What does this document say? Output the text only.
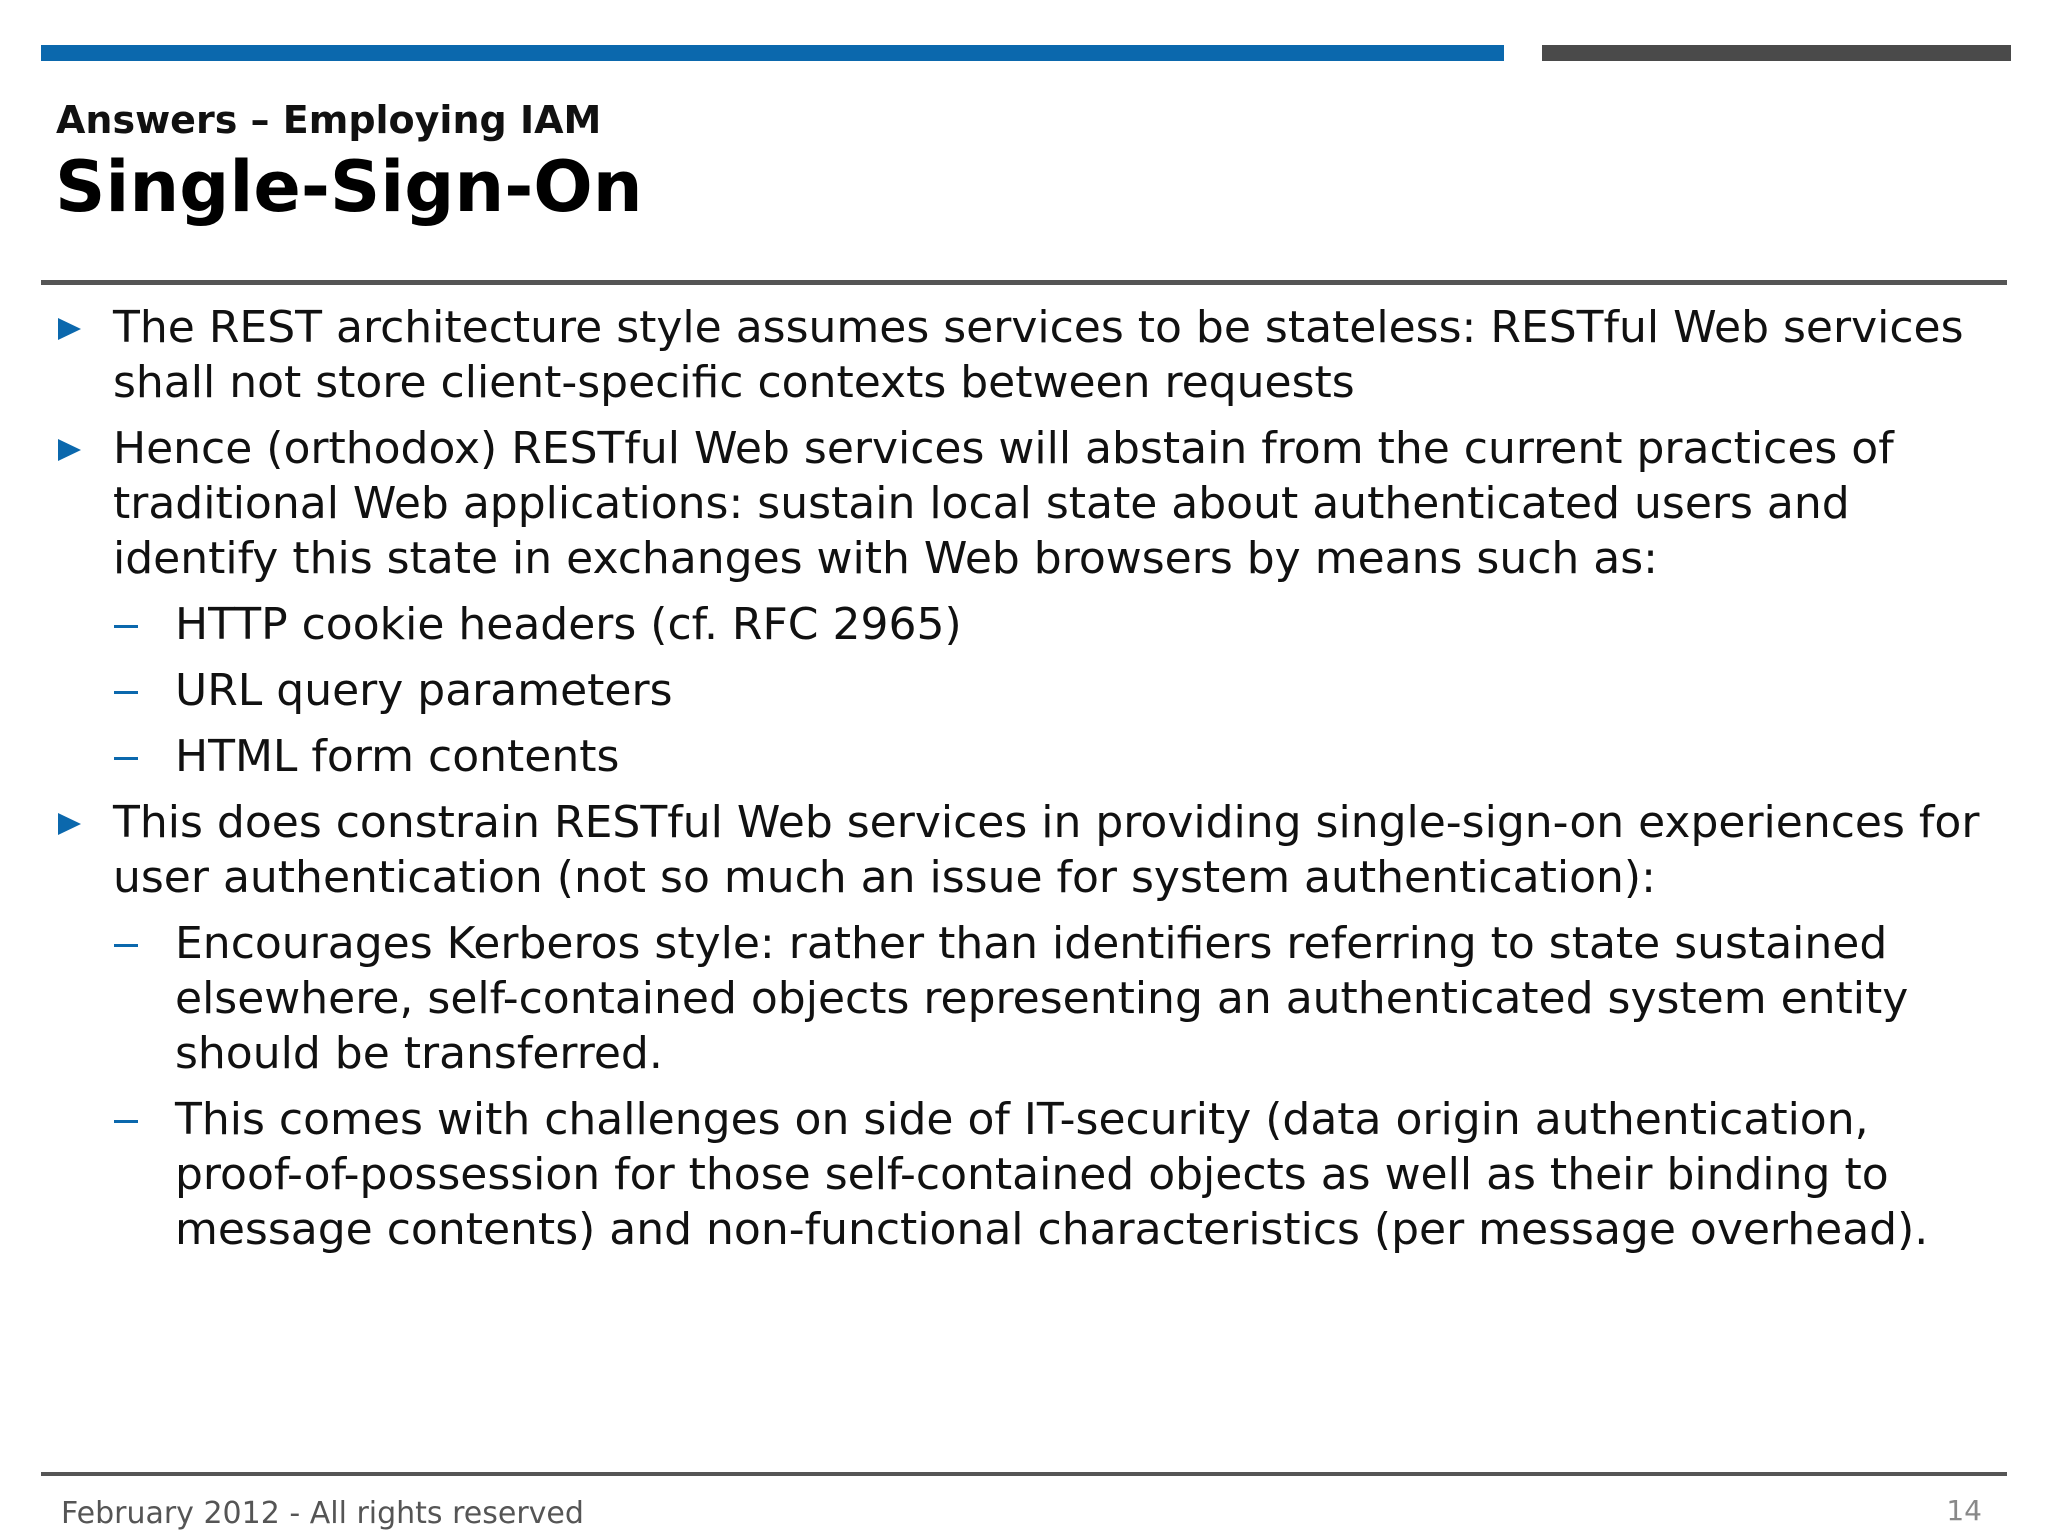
Answers – Employing IAM
Single-Sign-On
The REST architecture style assumes services to be stateless: RESTful Web services shall not store client-specific contexts between requests
Hence (orthodox) RESTful Web services will abstain from the current practices of traditional Web applications: sustain local state about authenticated users and identify this state in exchanges with Web browsers by means such as:
HTTP cookie headers (cf. RFC 2965)
URL query parameters
HTML form contents
This does constrain RESTful Web services in providing single-sign-on experiences for user authentication (not so much an issue for system authentication):
Encourages Kerberos style: rather than identifiers referring to state sustained elsewhere, self-contained objects representing an authenticated system entity should be transferred.
This comes with challenges on side of IT-security (data origin authentication, proof-of-possession for those self-contained objects as well as their binding to message contents) and non-functional characteristics (per message overhead).
February 2012 - All rights reserved	14
